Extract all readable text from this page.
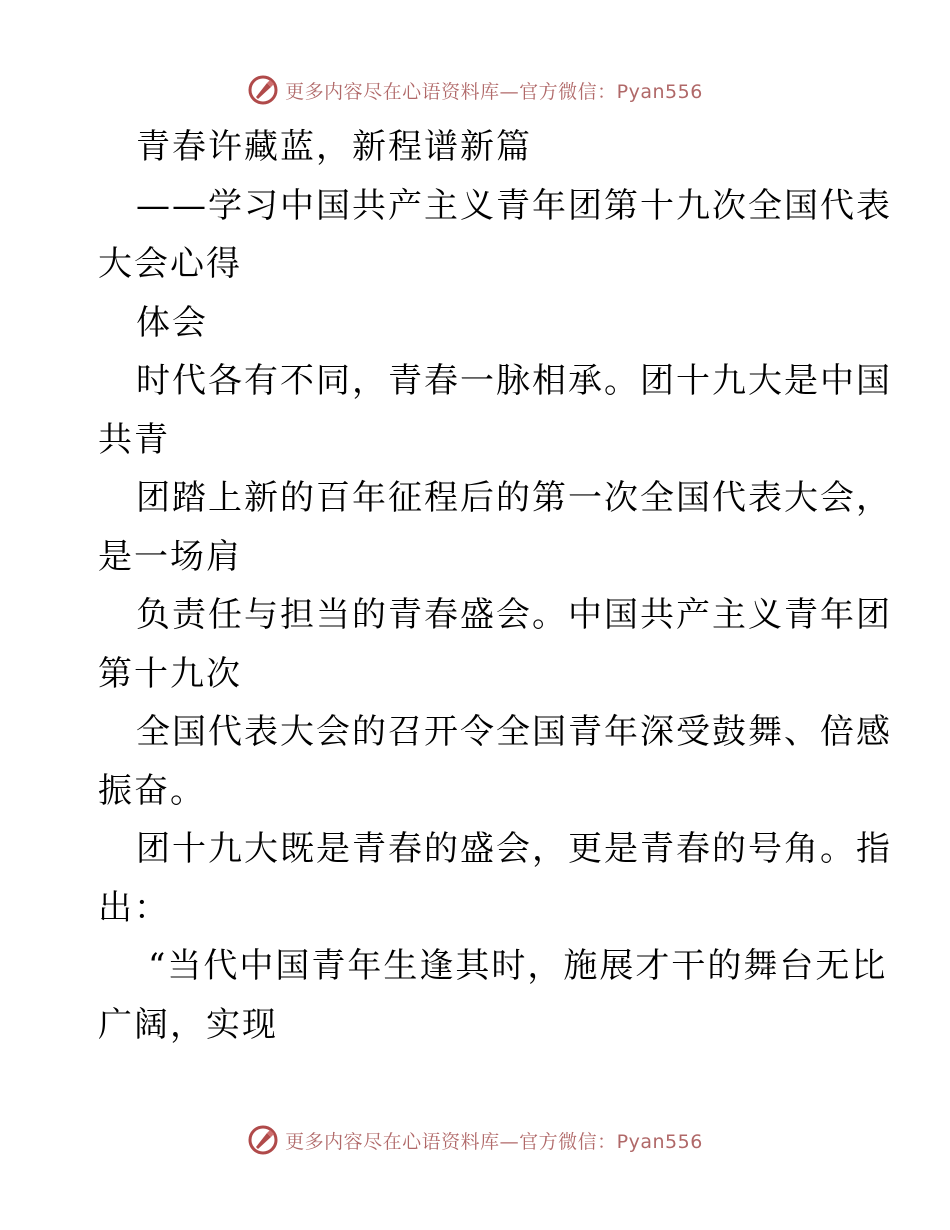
更多内容尽在心语资料库—官方微信：Pyan556
青春许藏蓝，新程谱新篇
——学习中国共产主义青年团第十九次全国代表
大会心得
体会
时代各有不同，青春一脉相承。团十九大是中国
共青
团踏上新的百年征程后的第一次全国代表大会，
是一场肩
负责任与担当的青春盛会。中国共产主义青年团
第十九次
全国代表大会的召开令全国青年深受鼓舞、倍感
振奋。
团十九大既是青春的盛会，更是青春的号角。指
出：
“当代中国青年生逢其时，施展才干的舞台无比
广阔，实现
更多内容尽在心语资料库—官方微信：Pyan556
